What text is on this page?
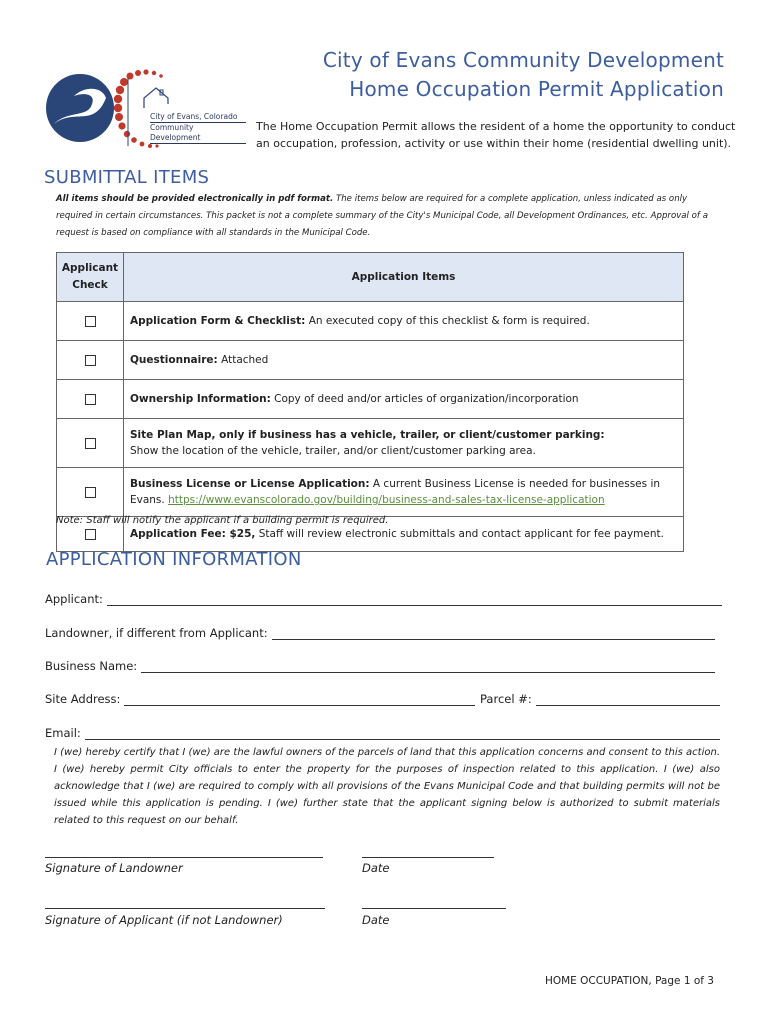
City of Evans, Colorado
Community Development
City of Evans Community Development
Home Occupation Permit Application
The Home Occupation Permit allows the resident of a home the opportunity to conduct an occupation, profession, activity or use within their home (residential dwelling unit).
SUBMITTAL ITEMS
All items should be provided electronically in pdf format. The items below are required for a complete application, unless indicated as only required in certain circumstances. This packet is not a complete summary of the City's Municipal Code, all Development Ordinances, etc. Approval of a request is based on compliance with all standards in the Municipal Code.
Applicant
Check	Application Items
	Application Form & Checklist: An executed copy of this checklist & form is required.
	Questionnaire: Attached
	Ownership Information: Copy of deed and/or articles of organization/incorporation
	Site Plan Map, only if business has a vehicle, trailer, or client/customer parking:
Show the location of the vehicle, trailer, and/or client/customer parking area.
	Business License or License Application: A current Business License is needed for businesses in Evans. https://www.evanscolorado.gov/building/business-and-sales-tax-license-application
	Application Fee: $25, Staff will review electronic submittals and contact applicant for fee payment.
Note: Staff will notify the applicant if a building permit is required.
APPLICATION INFORMATION
Applicant:
Landowner, if different from Applicant:
Business Name:
Site Address:	Parcel #:
Email:
I (we) hereby certify that I (we) are the lawful owners of the parcels of land that this application concerns and consent to this action. I (we) hereby permit City officials to enter the property for the purposes of inspection related to this application. I (we) also acknowledge that I (we) are required to comply with all provisions of the Evans Municipal Code and that building permits will not be issued while this application is pending. I (we) further state that the applicant signing below is authorized to submit materials related to this request on our behalf.
Signature of Landowner	Date
Signature of Applicant (if not Landowner)	Date
HOME OCCUPATION, Page 1 of 3
